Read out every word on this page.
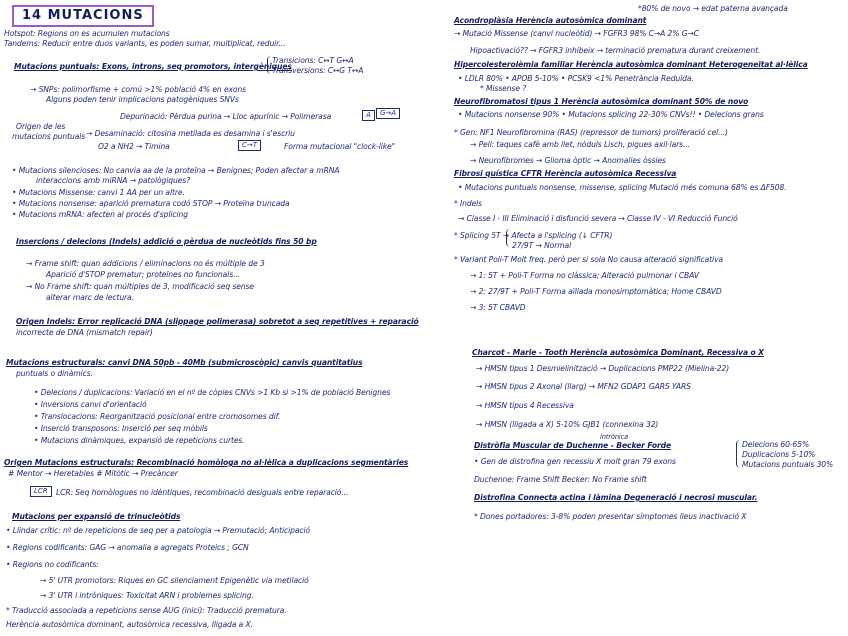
14 MUTACIONS
Hotspot: Regions on es acumulen mutacions
Tandems: Reducir entre duos variants, es poden sumar, multiplicat, reduir...
Mutacions puntuals: Exons, introns, seq promotors, intergèniques
Transicions: C↔T G↔A
Transversions: C↔G T↔A
→ SNPs: polimorfisme + comú >1% població 4% en exons
Alguns poden tenir implicacions patogèniques SNVs
Origen de les
mutacions puntuals
Depurinació: Pèrdua purina → Lloc apurínic → Polimerasa	A	G→A
→ Desaminació: citosina metilada es desamina i s'escriu
O2 a NH2 → Timina	C→T	Forma mutacional "clock-like"
• Mutacions silencioses: No canvia aa de la proteïna → Benignes; Poden afectar a mRNA
interaccions amb miRNA → patològiques?
• Mutacions Missense: canvi 1 AA per un altre.
• Mutacions nonsense: aparició prematura codó STOP → Proteïna truncada
• Mutacions mRNA: afecten al procés d'splicing
Insercions / delecions (Indels) addició o pèrdua de nucleòtids fins 50 bp
→ Frame shift: quan addicions / eliminacions no és múltiple de 3
Aparició d'STOP prematur; proteïnes no funcionals...
→ No Frame shift: quan múltiples de 3, modificació seq sense
alterar marc de lectura.
Origen Indels: Error replicació DNA (slippage polimerasa) sobretot a seq repetitives + reparació
incorrecte de DNA (mismatch repair)
Mutacions estructurals: canvi DNA 50pb - 40Mb (submicroscòpic) canvis quantitatius
puntuals o dinàmics.
• Delecions / duplicacions: Variació en el nº de còpies CNVs >1 Kb si >1% de població Benignes
• Inversions canvi d'orientació
• Translocacions: Reorganització posicional entre cromosomes dif.
• Inserció transposons: Inserció per seq mòbils
• Mutacions dinàmiques, expansió de repeticions curtes.
Origen Mutacions estructurals: Recombinació homòloga no al·lèlica a duplicacions segmentàries
# Mentor → Heretables # Mitòtic → Precàncer
LCR	LCR: Seq homòlogues no idèntiques, recombinació desiguals entre reparació...
Mutacions per expansió de trinucleòtids
• Llindar crític: nº de repeticions de seq per a patologia → Premutació; Anticipació
• Regions codificants: GAG → anomalia a agregats Proteics ; GCN
• Regions no codificants:
→ 5' UTR promotors: Riques en GC silenciament Epigenètic via metilació
→ 3' UTR i intròniques: Toxicitat ARN i problemes splicing.
* Traducció associada a repeticions sense AUG (inici): Traducció prematura.
Herència autosòmica dominant, autosòmica recessiva, lligada a X.
*80% de novo → edat paterna avançada
Acondroplàsia Herència autosòmica dominant
→ Mutació Missense (canvi nucleòtid) → FGFR3 98% C→A 2% G→C
Hipoactivació?? → FGFR3 inhibeix → terminació prematura durant creixement.
Hipercolesterolèmia familiar Herència autosòmica dominant Heterogeneïtat al·lèlica
• LDLR 80% • APOB 5-10% • PCSK9 <1% Penetrància Reduïda.
* Missense ?
Neurofibromatosi tipus 1 Herència autosòmica dominant 50% de novo
• Mutacions nonsense 90% • Mutacions splicing 22-30% CNVs!! • Delecions grans
* Gen: NF1 Neurofibromina (RAS) (repressor de tumors) proliferació cel...)
→ Pell: taques cafè amb llet, nòduls Lisch, pigues axil·lars...
→ Neurofibromes → Glioma òptic → Anomalies òssies
Fibrosi quística CFTR Herència autosòmica Recessiva
• Mutacions puntuals nonsense, missense, splicing Mutació més comuna 68% es ΔF508.
* Indels
→ Classe I - III Eliminació i disfunció severa → Classe IV - VI Reducció Funció
* Splicing 5T → Afecta a l'splicing (↓ CFTR)
27/9T → Normal
* Variant Poli-T Molt freq. però per si sola No causa alteració significativa
→ 1: 5T + Poli-T Forma no clàssica; Alteració pulmonar i CBAV
→ 2: 27/9T + Poli-T Forma aïllada monosimptomàtica; Home CBAVD
→ 3: 5T CBAVD
Charcot - Marie - Tooth Herència autosòmica Dominant, Recessiva o X
→ HMSN tipus 1 Desmielinització → Duplicacions PMP22 (Mielina-22)
→ HMSN tipus 2 Axonal (llarg) → MFN2 GDAP1 GARS YARS
→ HMSN tipus 4 Recessiva
→ HMSN (lligada a X) 5-10% GJB1 (connexina 32)
intrònica
Distròfia Muscular de Duchenne - Becker Forde
• Gen de distrofina gen recessiu X molt gran 79 exons
Delecions 60-65%
Duplicacions 5-10%
Mutacions puntuals 30%
Duchenne: Frame Shift Becker: No Frame shift
Distrofina Connecta actina i làmina Degeneració i necrosi muscular.
* Dones portadores: 3-8% poden presentar símptomes lleus inactivació X
